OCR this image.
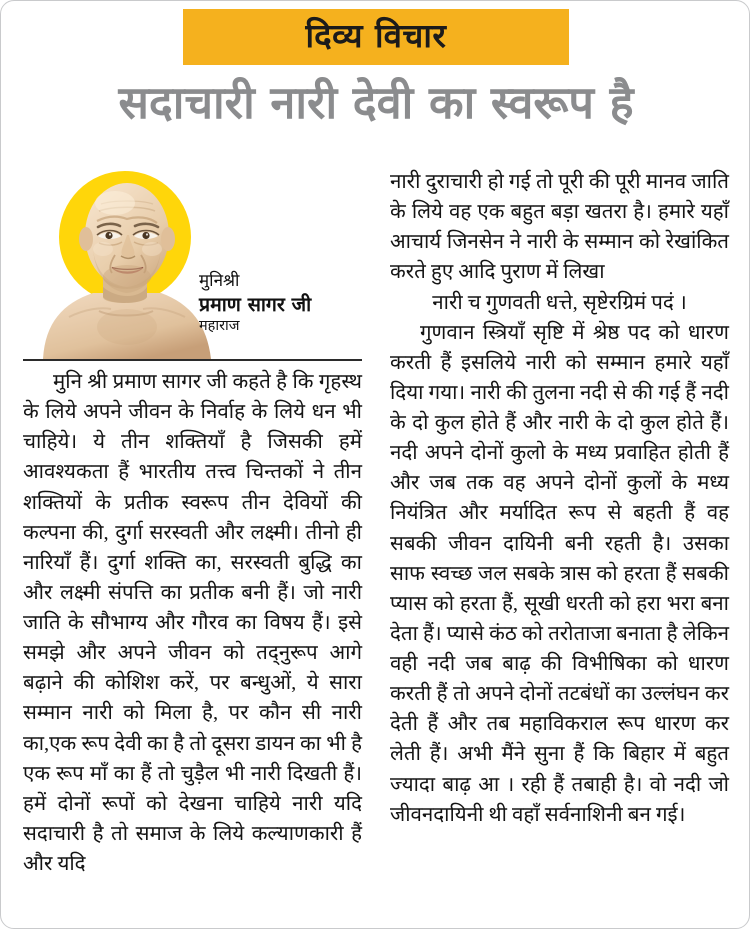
दिव्य विचार
सदाचारी नारी देवी का स्वरूप है
मुनिश्री
प्रमाण सागर जी
महाराज

मुनि श्री प्रमाण सागर जी कहते है कि गृहस्थ के लिये अपने जीवन के निर्वाह के लिये धन भी चाहिये। ये तीन शक्तियाँ है जिसकी हमें आवश्यकता हैं भारतीय तत्त्व चिन्तकों ने तीन शक्तियों के प्रतीक स्वरूप तीन देवियों की कल्पना की, दुर्गा सरस्वती और लक्ष्मी। तीनो ही नारियाँ हैं। दुर्गा शक्ति का, सरस्वती बुद्धि का और लक्ष्मी संपत्ति का प्रतीक बनी हैं। जो नारी जाति के सौभाग्य और गौरव का विषय हैं। इसे समझे और अपने जीवन को तद्नुरूप आगे बढ़ाने की कोशिश करें, पर बन्धुओं, ये सारा सम्मान नारी को मिला है, पर कौन सी नारी का,एक रूप देवी का है तो दूसरा डायन का भी है एक रूप माँ का हैं तो चुड़ैल भी नारी दिखती हैं। हमें दोनों रूपों को देखना चाहिये नारी यदि सदाचारी है तो समाज के लिये कल्याणकारी हैं और यदि

नारी दुराचारी हो गई तो पूरी की पूरी मानव जाति के लिये वह एक बहुत बड़ा खतरा है। हमारे यहाँ आचार्य जिनसेन ने नारी के सम्मान को रेखांकित करते हुए आदि पुराण में लिखा

नारी च गुणवती धत्ते, सृष्टेरग्रिमं पदं ।

गुणवान स्त्रियाँ सृष्टि में श्रेष्ठ पद को धारण करती हैं इसलिये नारी को सम्मान हमारे यहाँ दिया गया। नारी की तुलना नदी से की गई हैं नदी के दो कुल होते हैं और नारी के दो कुल होते हैं। नदी अपने दोनों कुलो के मध्य प्रवाहित होती हैं और जब तक वह अपने दोनों कुलों के मध्य नियंत्रित और मर्यादित रूप से बहती हैं वह सबकी जीवन दायिनी बनी रहती है। उसका साफ स्वच्छ जल सबके त्रास को हरता हैं सबकी प्यास को हरता हैं, सूखी धरती को हरा भरा बना देता हैं। प्यासे कंठ को तरोताजा बनाता है लेकिन वही नदी जब बाढ़ की विभीषिका को धारण करती हैं तो अपने दोनों तटबंधों का उल्लंघन कर देती हैं और तब महाविकराल रूप धारण कर लेती हैं। अभी मैंने सुना हैं कि बिहार में बहुत ज्यादा बाढ़ आ । रही हैं तबाही है। वो नदी जो जीवनदायिनी थी वहाँ सर्वनाशिनी बन गई।
